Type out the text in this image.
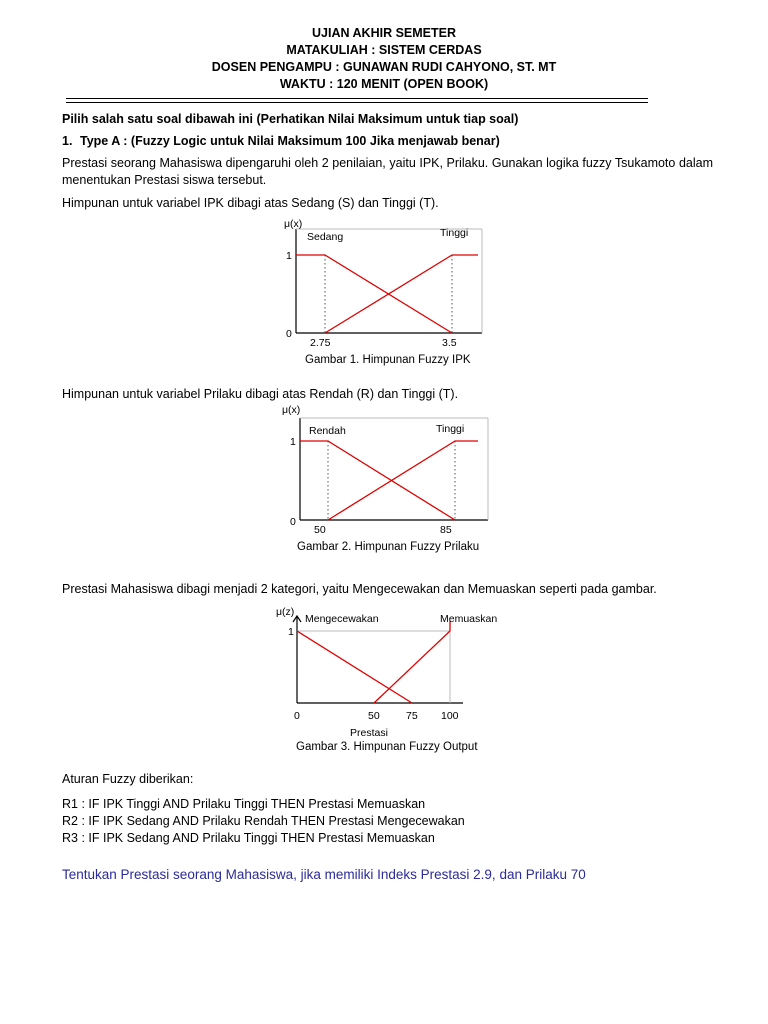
UJIAN AKHIR SEMETER
MATAKULIAH : SISTEM CERDAS
DOSEN PENGAMPU : GUNAWAN RUDI CAHYONO, ST. MT
WAKTU : 120 MENIT (OPEN BOOK)
Pilih salah satu soal dibawah ini (Perhatikan Nilai Maksimum untuk tiap soal)
1. Type A : (Fuzzy Logic untuk Nilai Maksimum 100 Jika menjawab benar)
Prestasi seorang Mahasiswa dipengaruhi oleh 2 penilaian, yaitu IPK, Prilaku. Gunakan logika fuzzy Tsukamoto dalam menentukan Prestasi siswa tersebut.
Himpunan untuk variabel IPK dibagi atas Sedang (S) dan Tinggi (T).
μ(x)
1
0
2.75	3.5
Sedang	Tinggi
Gambar 1. Himpunan Fuzzy IPK
Himpunan untuk variabel Prilaku dibagi atas Rendah (R) dan Tinggi (T).
μ(x)
1
0
50	85
Rendah	Tinggi
Gambar 2. Himpunan Fuzzy Prilaku
Prestasi Mahasiswa dibagi menjadi 2 kategori, yaitu Mengecewakan dan Memuaskan seperti pada gambar.
μ(z)
1
0	50	75 100
Prestasi
Mengecewakan	Memuaskan
Gambar 3. Himpunan Fuzzy Output
Aturan Fuzzy diberikan:
R1 : IF IPK Tinggi AND Prilaku Tinggi THEN Prestasi Memuaskan
R2 : IF IPK Sedang AND Prilaku Rendah THEN Prestasi Mengecewakan
R3 : IF IPK Sedang AND Prilaku Tinggi THEN Prestasi Memuaskan
Tentukan Prestasi seorang Mahasiswa, jika memiliki Indeks Prestasi 2.9, dan Prilaku 70
